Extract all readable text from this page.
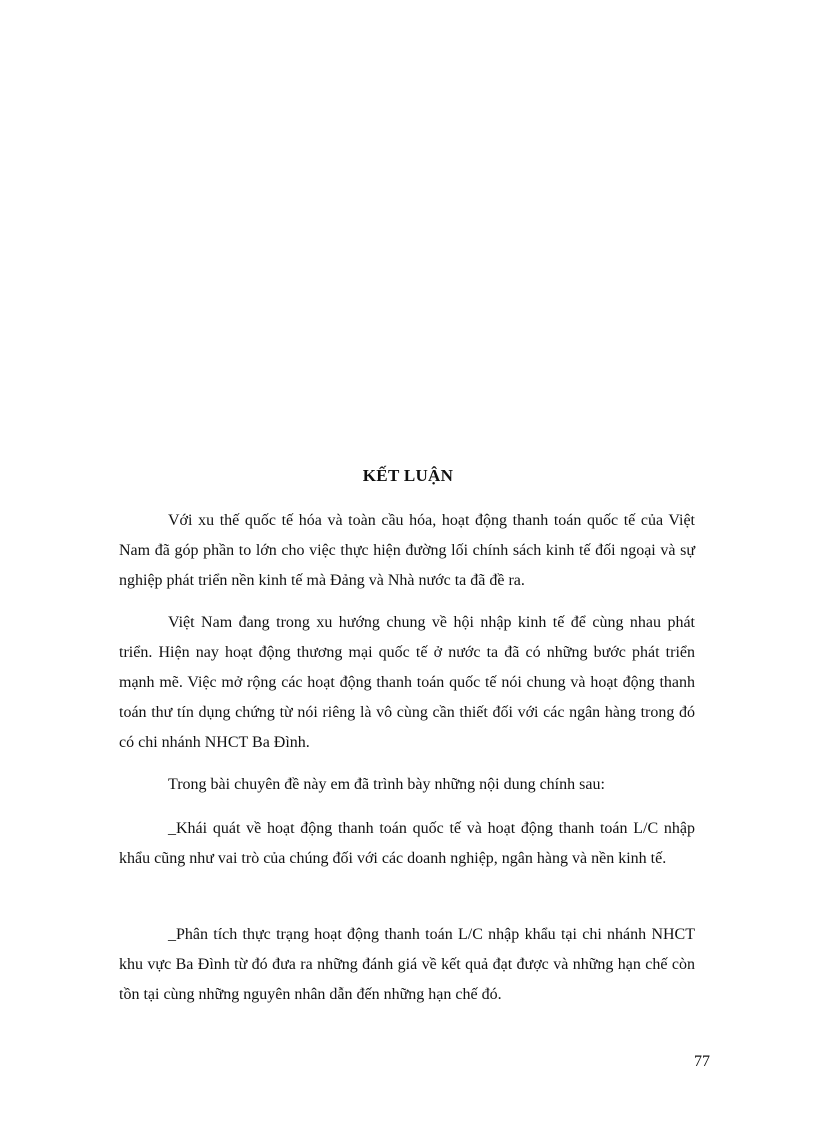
KẾT LUẬN

Với xu thế quốc tế hóa và toàn cầu hóa, hoạt động thanh toán quốc tế của Việt Nam đã góp phần to lớn cho việc thực hiện đường lối chính sách kinh tế đối ngoại và sự nghiệp phát triển nền kinh tế mà Đảng và Nhà nước ta đã đề ra.

Việt Nam đang trong xu hướng chung về hội nhập kinh tế để cùng nhau phát triển. Hiện nay hoạt động thương mại quốc tế ở nước ta đã có những bước phát triển mạnh mẽ. Việc mở rộng các hoạt động thanh toán quốc tế nói chung và hoạt động thanh toán thư tín dụng chứng từ nói riêng là vô cùng cần thiết đối với các ngân hàng trong đó có chi nhánh NHCT Ba Đình.

Trong bài chuyên đề này em đã trình bày những nội dung chính sau:

_Khái quát về hoạt động thanh toán quốc tế và hoạt động thanh toán L/C nhập khẩu cũng như vai trò của chúng đối với các doanh nghiệp, ngân hàng và nền kinh tế.

_Phân tích thực trạng hoạt động thanh toán L/C nhập khẩu tại chi nhánh NHCT khu vực Ba Đình từ đó đưa ra những đánh giá về kết quả đạt được và những hạn chế còn tồn tại cùng những nguyên nhân dẫn đến những hạn chế đó.

77
